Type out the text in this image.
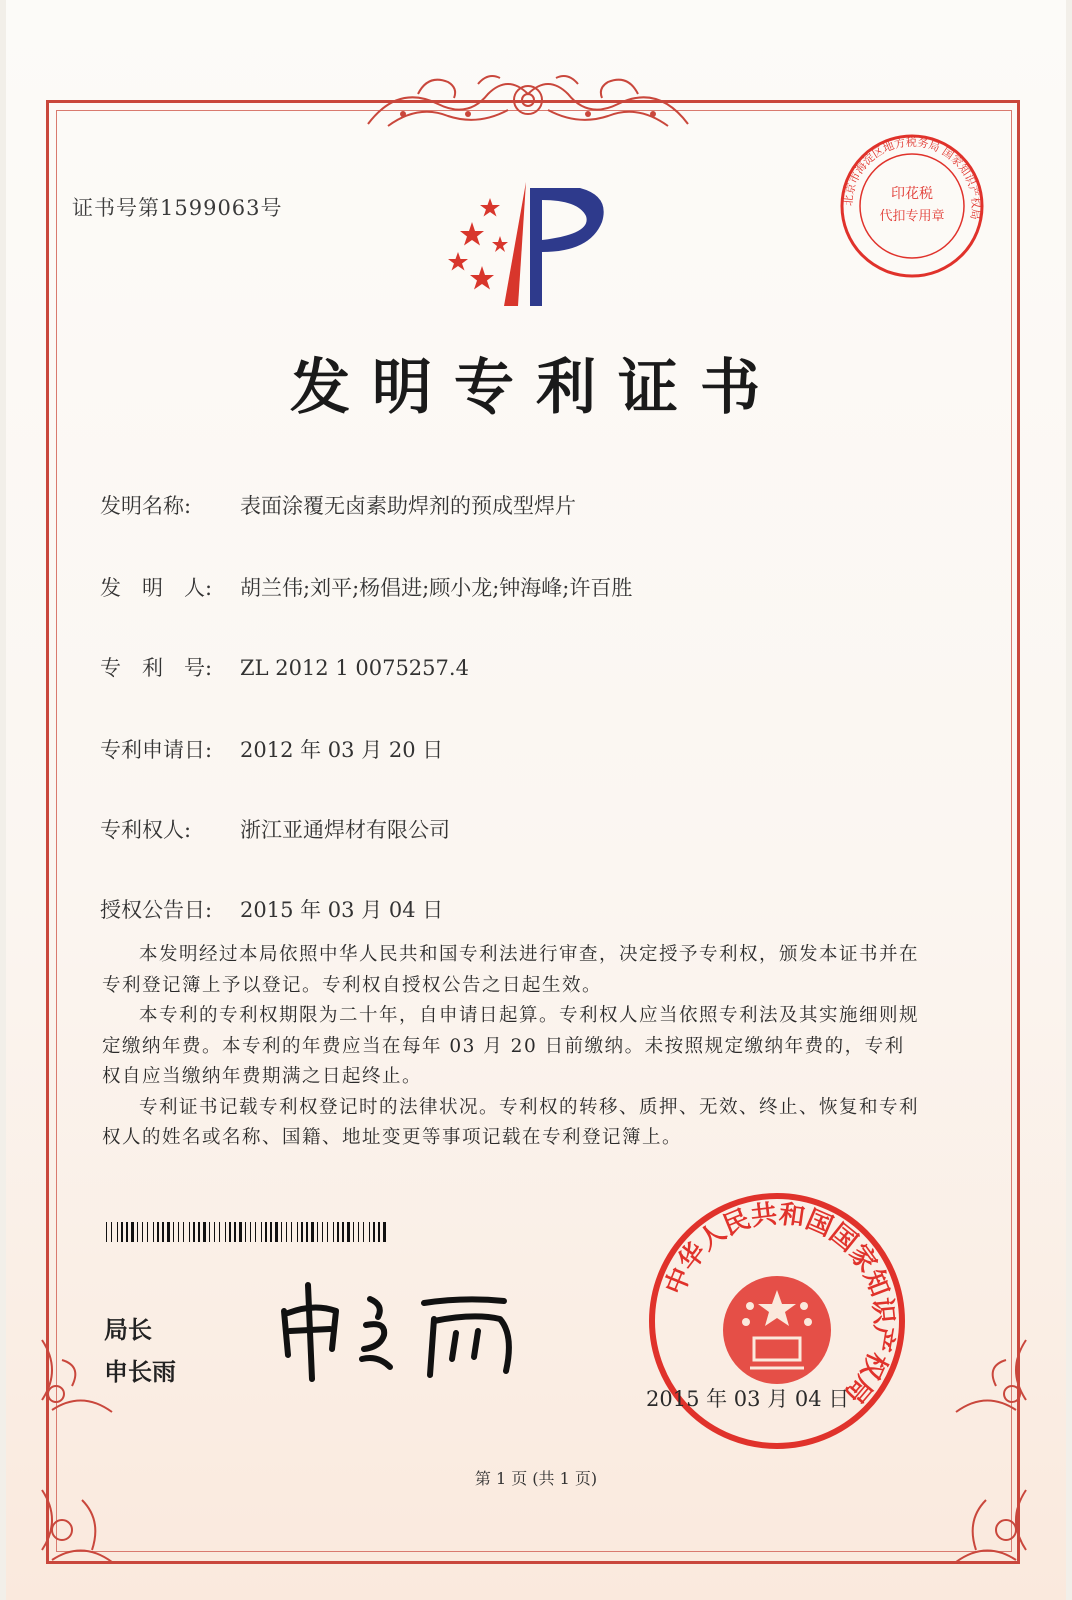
证书号第1599063号	北京市海淀区地方税务局 国家知识产权局
印花税
代扣专用章
发明专利证书
发明名称: 表面涂覆无卤素助焊剂的预成型焊片
发　明　人: 胡兰伟;刘平;杨倡进;顾小龙;钟海峰;许百胜
专　利　号: ZL 2012 1 0075257.4
专利申请日: 2012 年 03 月 20 日
专利权人: 浙江亚通焊材有限公司
授权公告日: 2015 年 03 月 04 日

本发明经过本局依照中华人民共和国专利法进行审查，决定授予专利权，颁发本证书并在专利登记簿上予以登记。专利权自授权公告之日起生效。

本专利的专利权期限为二十年，自申请日起算。专利权人应当依照专利法及其实施细则规定缴纳年费。本专利的年费应当在每年 03 月 20 日前缴纳。未按照规定缴纳年费的，专利权自应当缴纳年费期满之日起终止。

专利证书记载专利权登记时的法律状况。专利权的转移、质押、无效、终止、恢复和专利权人的姓名或名称、国籍、地址变更等事项记载在专利登记簿上。

局长
申长雨
中华人民共和国国家知识产权局
2015 年 03 月 04 日
第 1 页 (共 1 页)
